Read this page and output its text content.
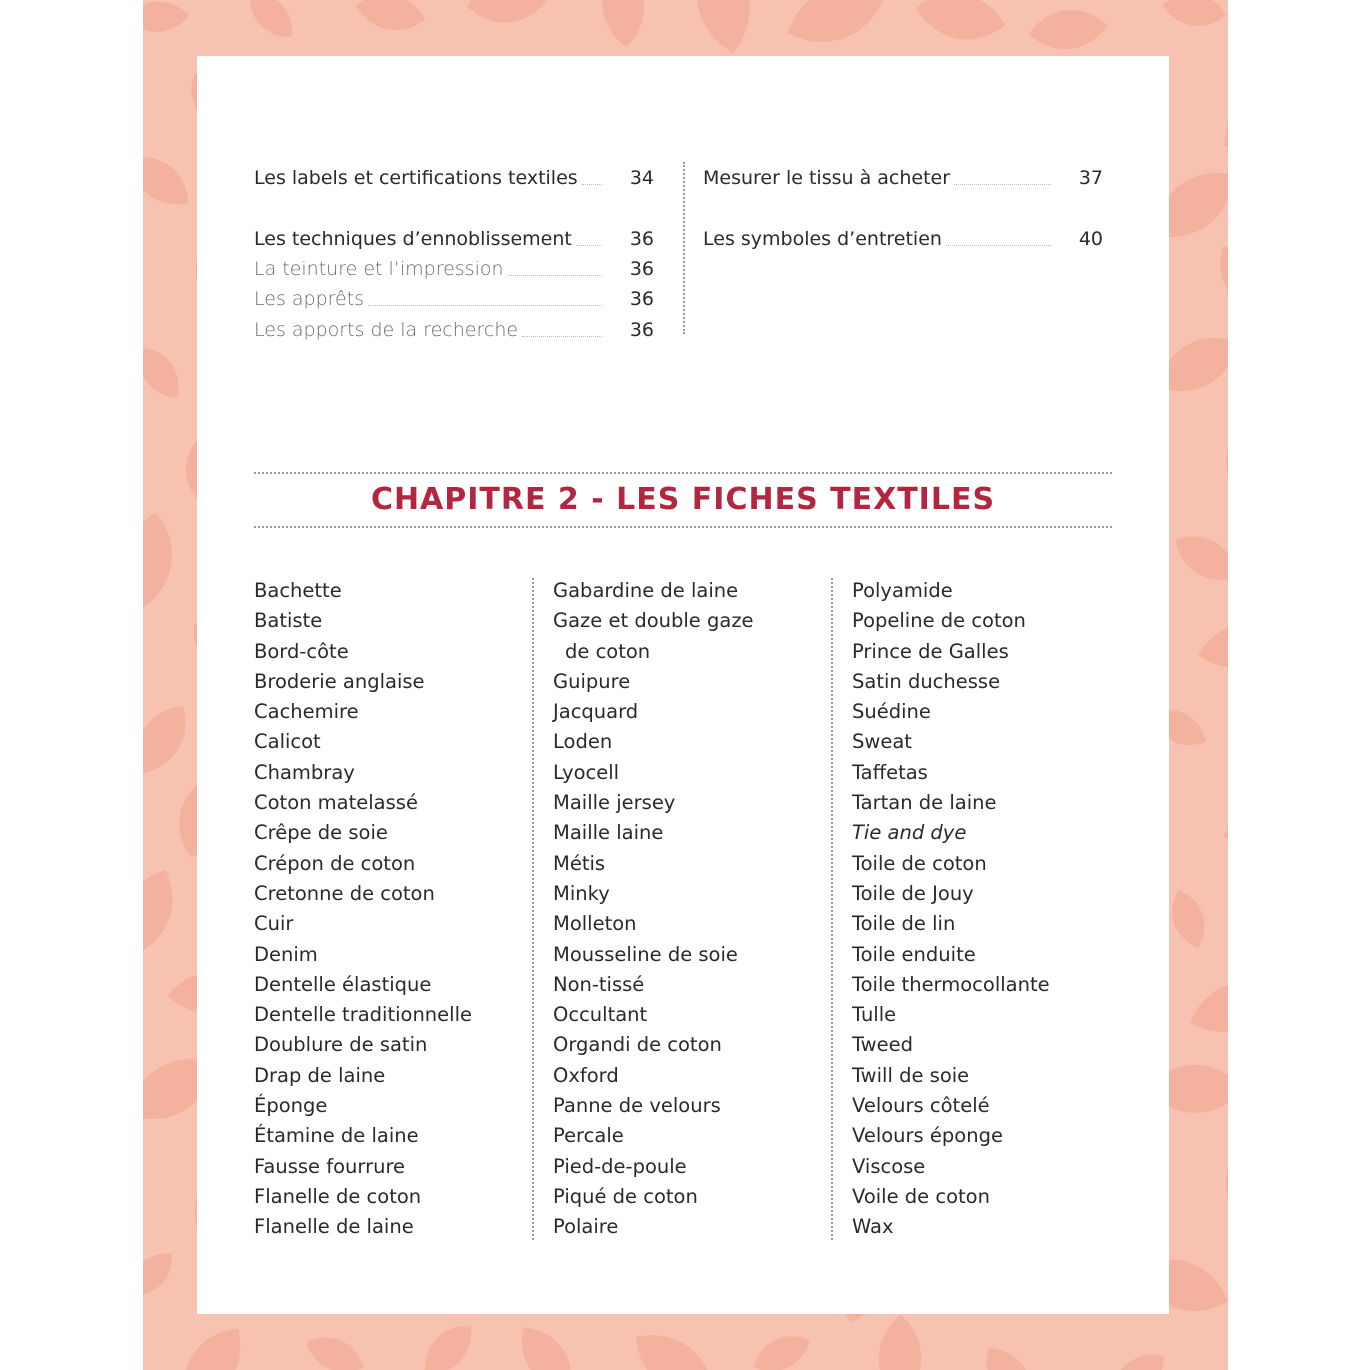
Les labels et certifications textiles	34
Les techniques d’ennoblissement	36
La teinture et l’impression	36
Les apprêts	36
Les apports de la recherche	36
Mesurer le tissu à acheter	37
Les symboles d’entretien	40
CHAPITRE 2 - LES FICHES TEXTILES
Bachette
Batiste
Bord-côte
Broderie anglaise
Cachemire
Calicot
Chambray
Coton matelassé
Crêpe de soie
Crépon de coton
Cretonne de coton
Cuir
Denim
Dentelle élastique
Dentelle traditionnelle
Doublure de satin
Drap de laine
Éponge
Étamine de laine
Fausse fourrure
Flanelle de coton
Flanelle de laine
Gabardine de laine
Gaze et double gaze
de coton
Guipure
Jacquard
Loden
Lyocell
Maille jersey
Maille laine
Métis
Minky
Molleton
Mousseline de soie
Non-tissé
Occultant
Organdi de coton
Oxford
Panne de velours
Percale
Pied-de-poule
Piqué de coton
Polaire
Polyamide
Popeline de coton
Prince de Galles
Satin duchesse
Suédine
Sweat
Taffetas
Tartan de laine
Tie and dye
Toile de coton
Toile de Jouy
Toile de lin
Toile enduite
Toile thermocollante
Tulle
Tweed
Twill de soie
Velours côtelé
Velours éponge
Viscose
Voile de coton
Wax
